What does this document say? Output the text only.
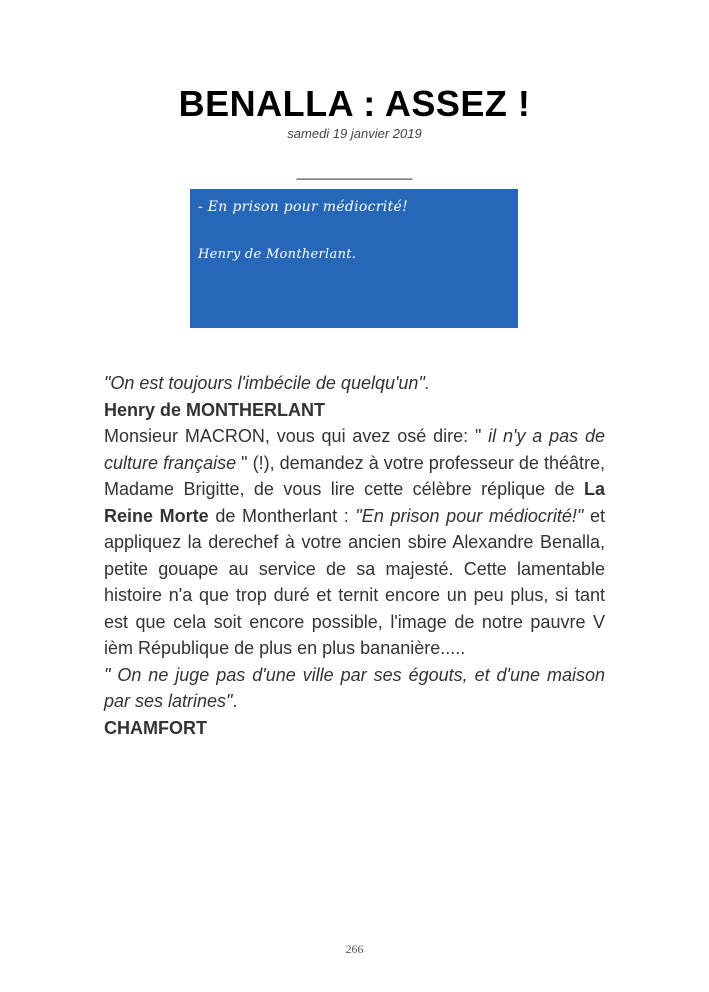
BENALLA : ASSEZ !
samedi 19 janvier 2019
________________
- En prison pour médiocrité!
Henry de Montherlant.

"On est toujours l'imbécile de quelqu'un".

Henry de MONTHERLANT

Monsieur MACRON, vous qui avez osé dire: " il n'y a pas de culture française " (!), demandez à votre professeur de théâtre, Madame Brigitte, de vous lire cette célèbre réplique de La Reine Morte de Montherlant : "En prison pour médiocrité!" et appliquez la derechef à votre ancien sbire Alexandre Benalla, petite gouape au service de sa majesté. Cette lamentable histoire n'a que trop duré et ternit encore un peu plus, si tant est que cela soit encore possible, l'image de notre pauvre V ièm République de plus en plus bananière.....

" On ne juge pas d'une ville par ses égouts, et d'une maison par ses latrines".

CHAMFORT

266
